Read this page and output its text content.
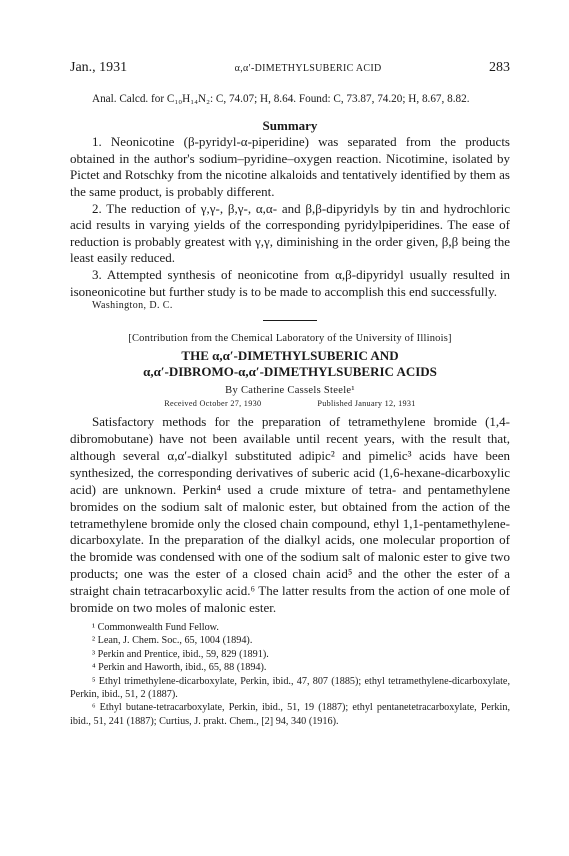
Jan., 1931	α,α′-DIMETHYLSUBERIC ACID	283

Anal. Calcd. for C₁₀H₁₄N₂: C, 74.07; H, 8.64. Found: C, 73.87, 74.20; H, 8.67, 8.82.

Summary

1. Neonicotine (β-pyridyl-α-piperidine) was separated from the products obtained in the author's sodium–pyridine–oxygen reaction. Nicotimine, isolated by Pictet and Rotschky from the nicotine alkaloids and tentatively identified by them as the same product, is probably different.

2. The reduction of γ,γ-, β,γ-, α,α- and β,β-dipyridyls by tin and hydrochloric acid results in varying yields of the corresponding pyridylpiperidines. The ease of reduction is probably greatest with γ,γ, diminishing in the order given, β,β being the least easily reduced.

3. Attempted synthesis of neonicotine from α,β-dipyridyl usually resulted in isoneonicotine but further study is to be made to accomplish this end successfully.

Washington, D. C.
[Contribution from the Chemical Laboratory of the University of Illinois]
THE α,α′-DIMETHYLSUBERIC AND
α,α′-DIBROMO-α,α′-DIMETHYLSUBERIC ACIDS
By Catherine Cassels Steele¹
Received October 27, 1930	Published January 12, 1931

Satisfactory methods for the preparation of tetramethylene bromide (1,4-dibromobutane) have not been available until recent years, with the result that, although several α,α′-dialkyl substituted adipic² and pimelic³ acids have been synthesized, the corresponding derivatives of suberic acid (1,6-hexane-dicarboxylic acid) are unknown. Perkin⁴ used a crude mixture of tetra- and pentamethylene bromides on the sodium salt of malonic ester, but obtained from the action of the tetramethylene bromide only the closed chain compound, ethyl 1,1-pentamethylene-dicarboxylate. In the preparation of the dialkyl acids, one molecular proportion of the bromide was condensed with one of the sodium salt of malonic ester to give two products; one was the ester of a closed chain acid⁵ and the other the ester of a straight chain tetracarboxylic acid.⁶ The latter results from the action of one mole of bromide on two moles of malonic ester.

¹ Commonwealth Fund Fellow.

² Lean, J. Chem. Soc., 65, 1004 (1894).

³ Perkin and Prentice, ibid., 59, 829 (1891).

⁴ Perkin and Haworth, ibid., 65, 88 (1894).

⁵ Ethyl trimethylene-dicarboxylate, Perkin, ibid., 47, 807 (1885); ethyl tetramethylene-dicarboxylate, Perkin, ibid., 51, 2 (1887).

⁶ Ethyl butane-tetracarboxylate, Perkin, ibid., 51, 19 (1887); ethyl pentanetetracarboxylate, Perkin, ibid., 51, 241 (1887); Curtius, J. prakt. Chem., [2] 94, 340 (1916).
